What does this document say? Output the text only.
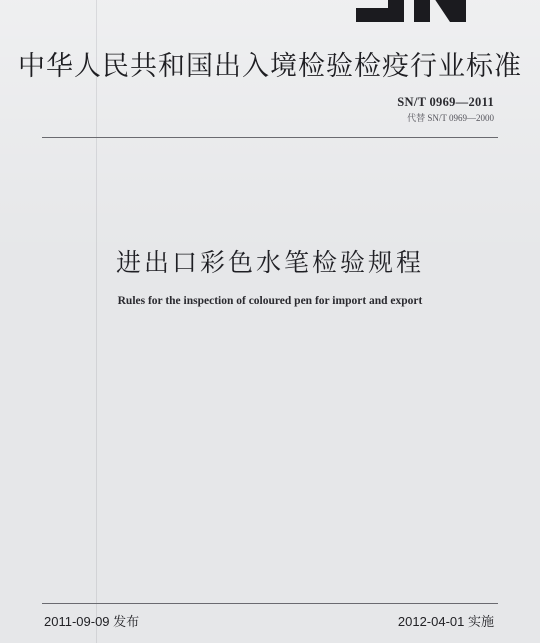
中华人民共和国出入境检验检疫行业标准
SN/T 0969—2011
代替 SN/T 0969—2000
进出口彩色水笔检验规程
Rules for the inspection of coloured pen for import and export
2011-09-09 发布	2012-04-01 实施
